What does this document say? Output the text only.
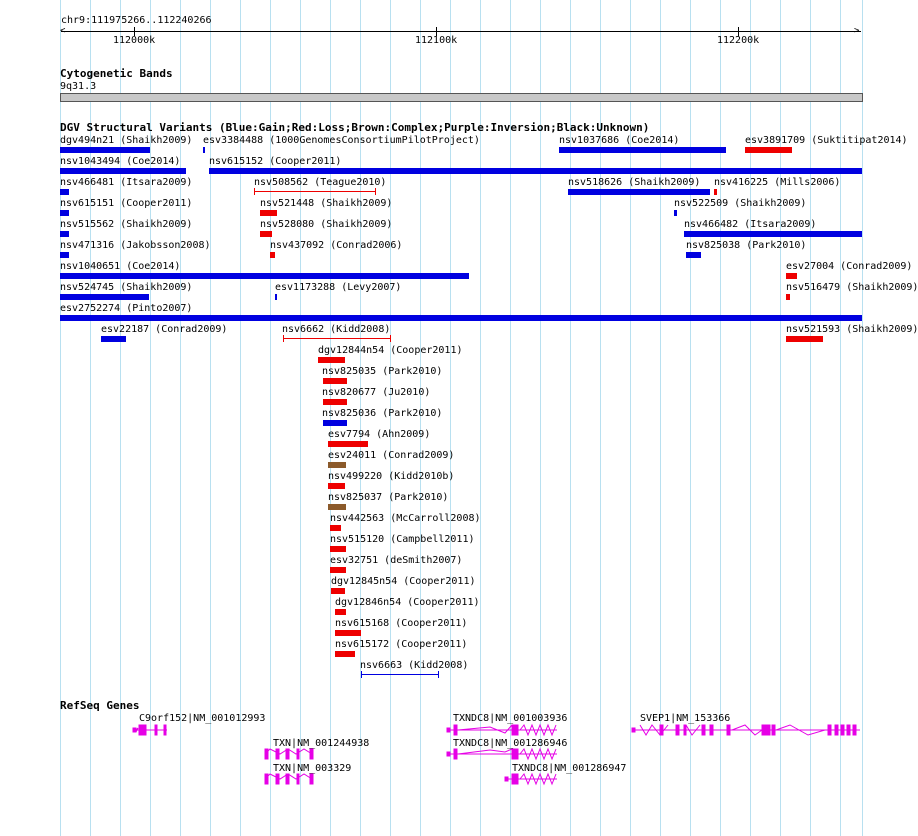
chr9:111975266..112240266
<	>
112000k	112100k	112200k
Cytogenetic Bands
9q31.3
DGV Structural Variants (Blue:Gain;Red:Loss;Brown:Complex;Purple:Inversion;Black:Unknown)
dgv494n21 (Shaikh2009) esv3384488 (1000GenomesConsortiumPilotProject)	nsv1037686 (Coe2014)	esv3891709 (Suktitipat2014)
nsv1043494 (Coe2014)	nsv615152 (Cooper2011)
nsv466481 (Itsara2009)	nsv508562 (Teague2010)	nsv518626 (Shaikh2009) nsv416225 (Mills2006)
nsv615151 (Cooper2011)	nsv521448 (Shaikh2009)	nsv522509 (Shaikh2009)
nsv515562 (Shaikh2009)	nsv528080 (Shaikh2009)	nsv466482 (Itsara2009)
nsv471316 (Jakobsson2008)	nsv437092 (Conrad2006)	nsv825038 (Park2010)
nsv1040651 (Coe2014)	esv27004 (Conrad2009)
nsv524745 (Shaikh2009)	esv1173288 (Levy2007)	nsv516479 (Shaikh2009)
esv2752274 (Pinto2007)
esv22187 (Conrad2009)	nsv6662 (Kidd2008)	nsv521593 (Shaikh2009)
dgv12844n54 (Cooper2011)
nsv825035 (Park2010)
nsv820677 (Ju2010)
nsv825036 (Park2010)
esv7794 (Ahn2009)
esv24011 (Conrad2009)
nsv499220 (Kidd2010b)
nsv825037 (Park2010)
nsv442563 (McCarroll2008)
nsv515120 (Campbell2011)
esv32751 (deSmith2007)
dgv12845n54 (Cooper2011)
dgv12846n54 (Cooper2011)
nsv615168 (Cooper2011)
nsv615172 (Cooper2011)
nsv6663 (Kidd2008)
RefSeq Genes
C9orf152|NM_001012993
TXN|NM_001244938
TXN|NM_003329
TXNDC8|NM_001003936
TXNDC8|NM_001286946
TXNDC8|NM_001286947
SVEP1|NM_153366
